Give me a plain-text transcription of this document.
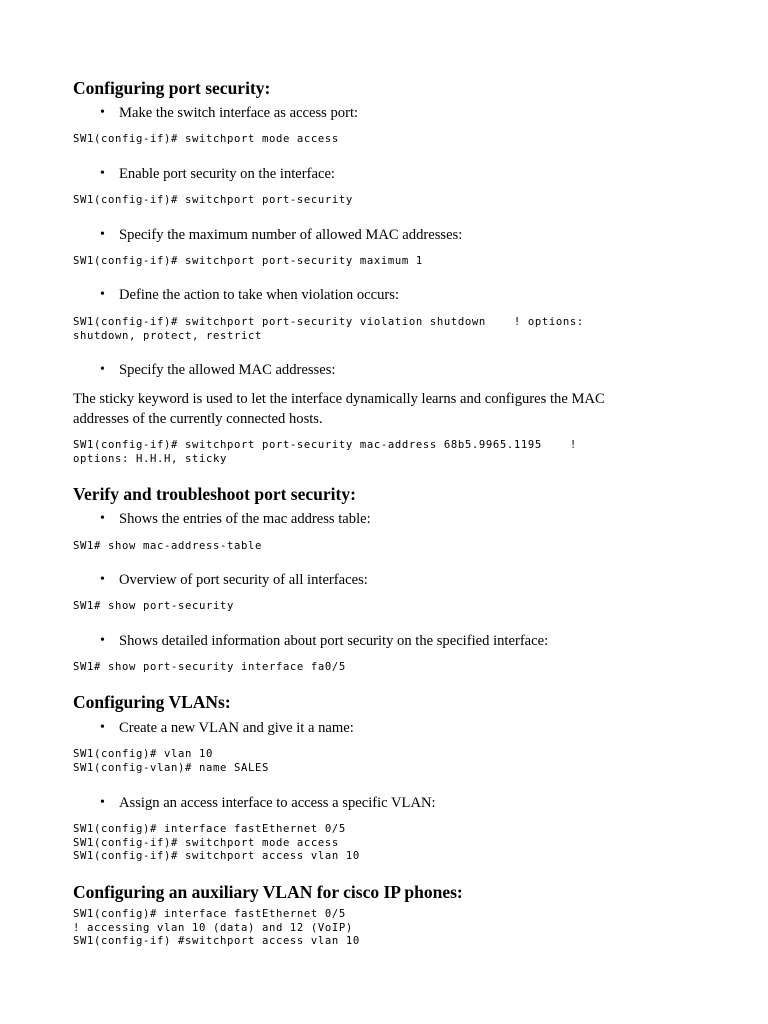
Configuring port security:
• Make the switch interface as access port:
SW1(config-if)# switchport mode access
• Enable port security on the interface:
SW1(config-if)# switchport port-security
• Specify the maximum number of allowed MAC addresses:
SW1(config-if)# switchport port-security maximum 1
• Define the action to take when violation occurs:
SW1(config-if)# switchport port-security violation shutdown    ! options:
shutdown, protect, restrict
• Specify the allowed MAC addresses:
The sticky keyword is used to let the interface dynamically learns and configures the MAC addresses of the currently connected hosts.
SW1(config-if)# switchport port-security mac-address 68b5.9965.1195    !
options: H.H.H, sticky
Verify and troubleshoot port security:
• Shows the entries of the mac address table:
SW1# show mac-address-table
• Overview of port security of all interfaces:
SW1# show port-security
• Shows detailed information about port security on the specified interface:
SW1# show port-security interface fa0/5
Configuring VLANs:
• Create a new VLAN and give it a name:
SW1(config)# vlan 10
SW1(config-vlan)# name SALES
• Assign an access interface to access a specific VLAN:
SW1(config)# interface fastEthernet 0/5
SW1(config-if)# switchport mode access
SW1(config-if)# switchport access vlan 10
Configuring an auxiliary VLAN for cisco IP phones:
SW1(config)# interface fastEthernet 0/5
! accessing vlan 10 (data) and 12 (VoIP)
SW1(config-if) #switchport access vlan 10
